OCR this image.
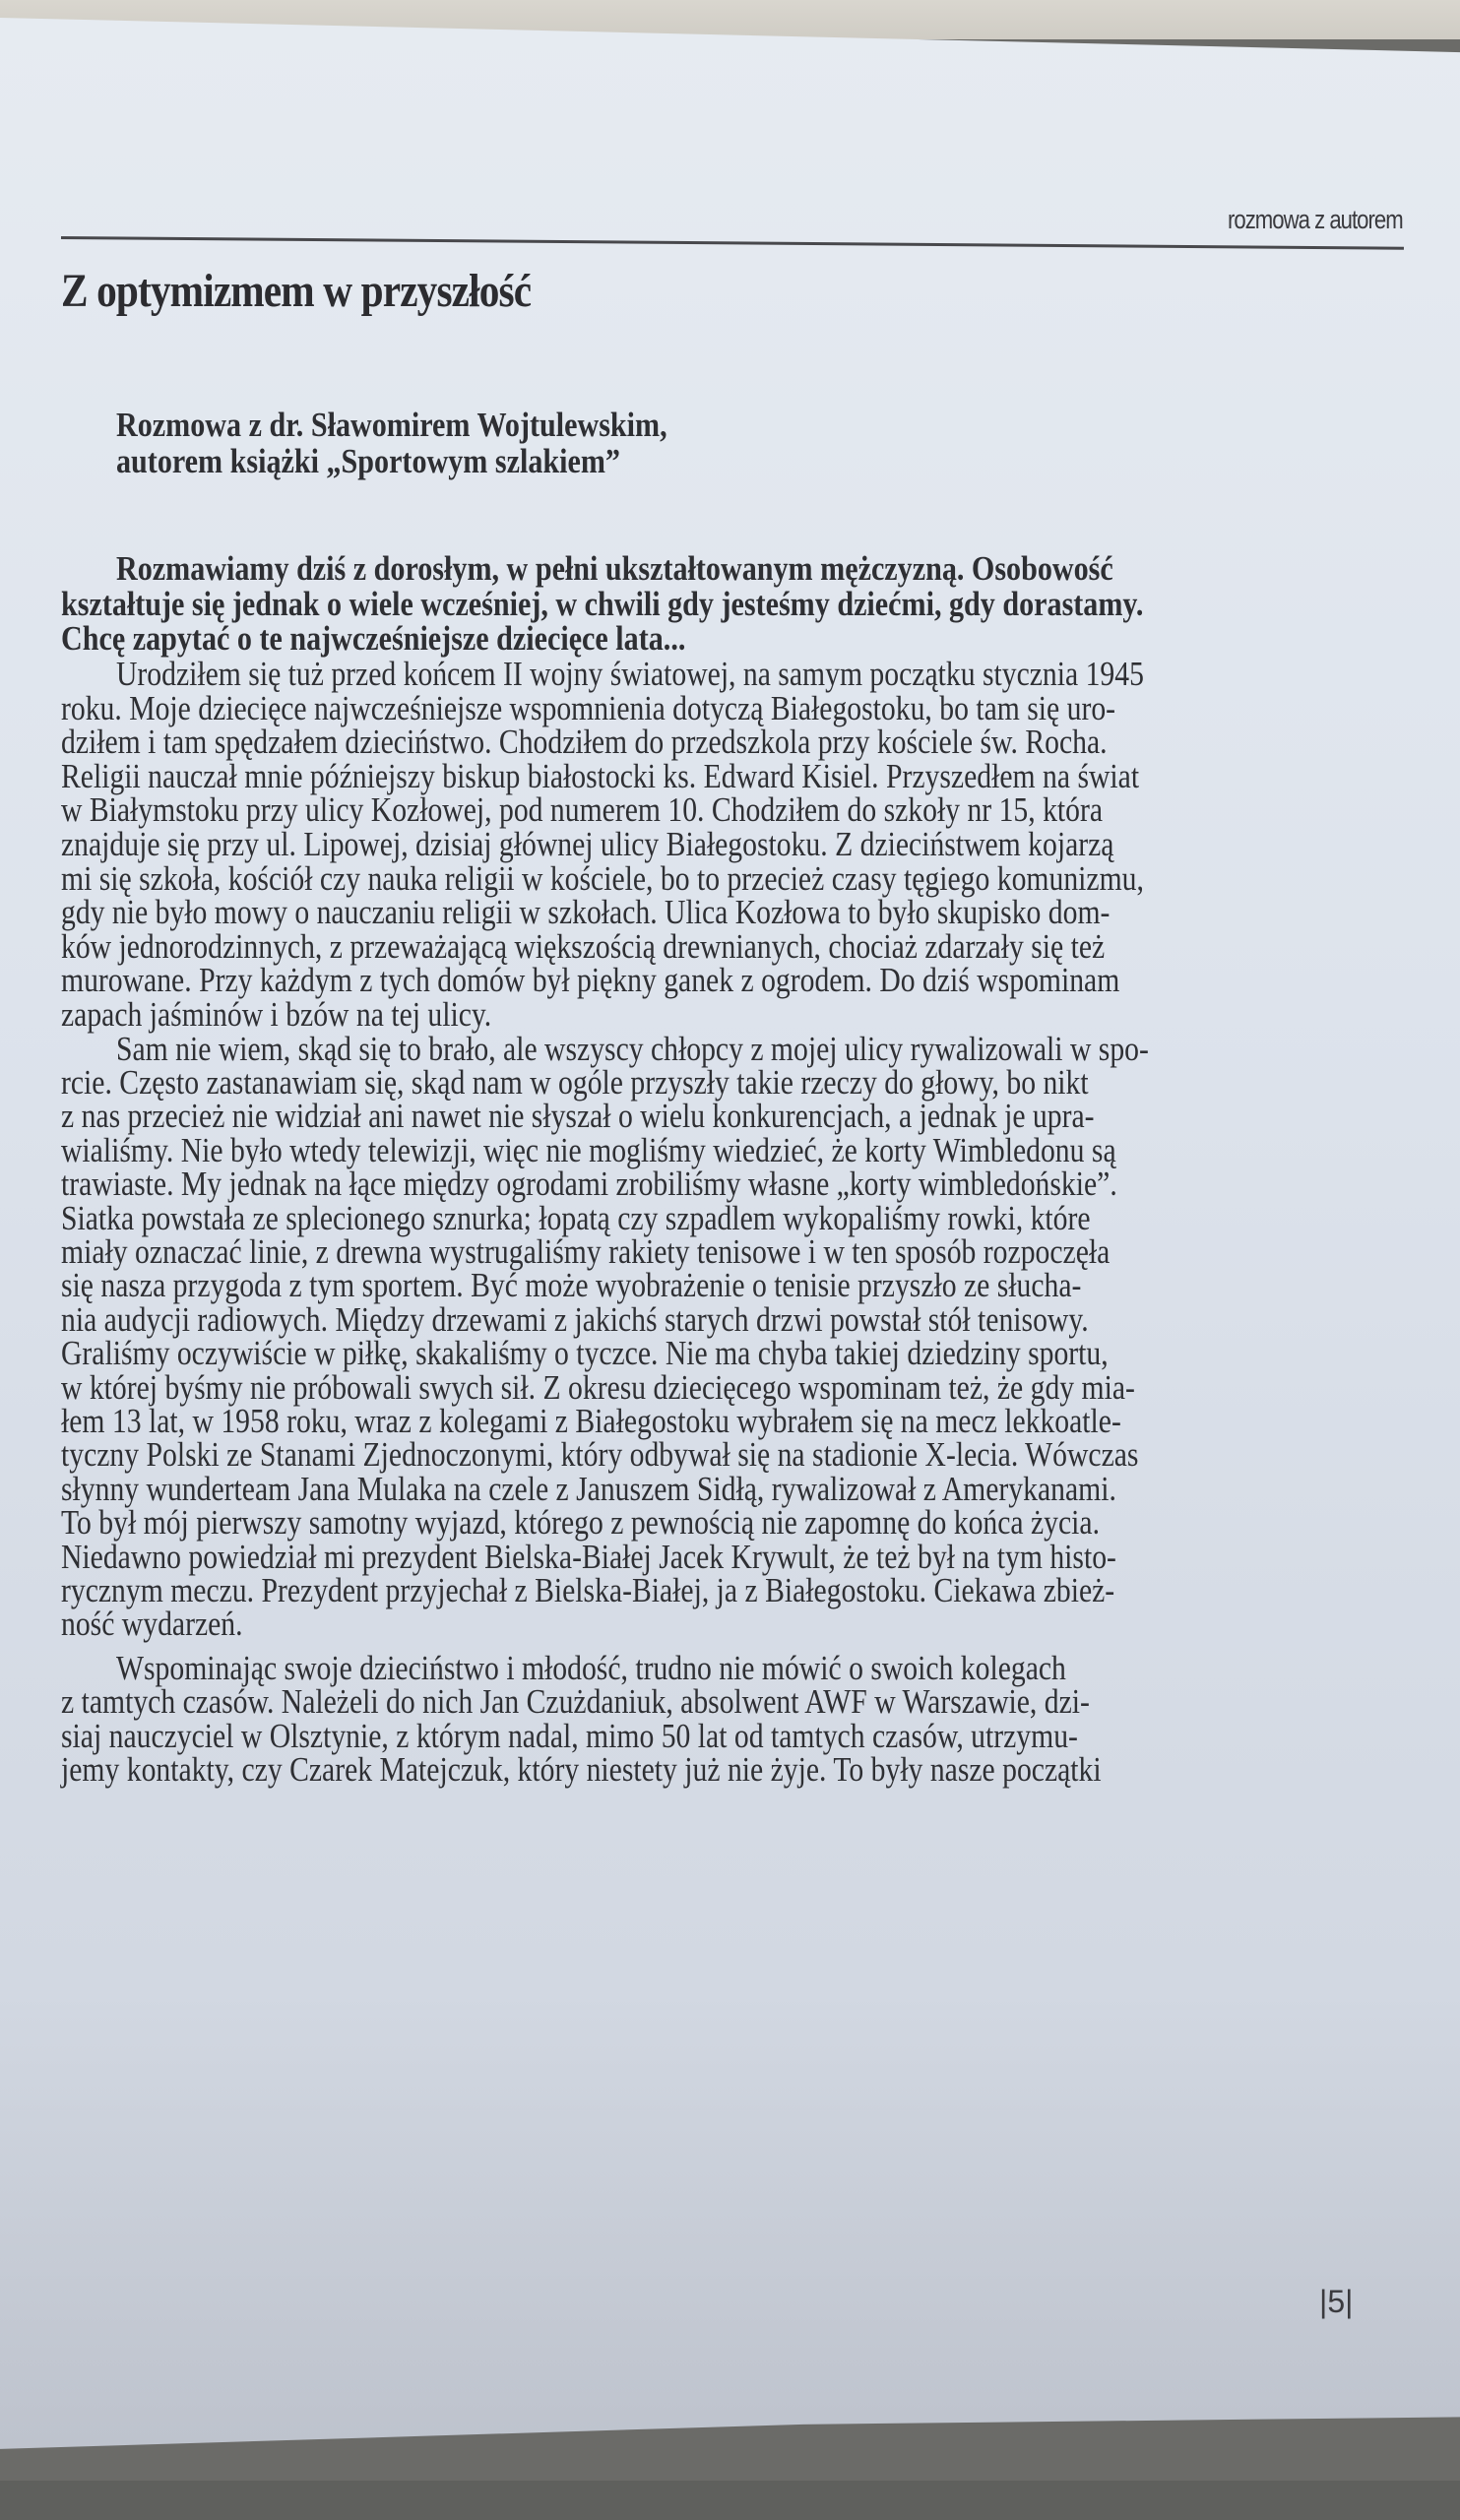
rozmowa z autorem
Z optymizmem w przyszłość
Rozmowa z dr. Sławomirem Wojtulewskim,
autorem książki „Sportowym szlakiem”
Rozmawiamy dziś z dorosłym, w pełni ukształtowanym mężczyzną. Osobowość
kształtuje się jednak o wiele wcześniej, w chwili gdy jesteśmy dziećmi, gdy dorastamy.
Chcę zapytać o te najwcześniejsze dziecięce lata...
Urodziłem się tuż przed końcem II wojny światowej, na samym początku stycznia 1945
roku. Moje dziecięce najwcześniejsze wspomnienia dotyczą Białegostoku, bo tam się uro-
dziłem i tam spędzałem dzieciństwo. Chodziłem do przedszkola przy kościele św. Rocha.
Religii nauczał mnie późniejszy biskup białostocki ks. Edward Kisiel. Przyszedłem na świat
w Białymstoku przy ulicy Kozłowej, pod numerem 10. Chodziłem do szkoły nr 15, która
znajduje się przy ul. Lipowej, dzisiaj głównej ulicy Białegostoku. Z dzieciństwem kojarzą
mi się szkoła, kościół czy nauka religii w kościele, bo to przecież czasy tęgiego komunizmu,
gdy nie było mowy o nauczaniu religii w szkołach. Ulica Kozłowa to było skupisko dom-
ków jednorodzinnych, z przeważającą większością drewnianych, chociaż zdarzały się też
murowane. Przy każdym z tych domów był piękny ganek z ogrodem. Do dziś wspominam
zapach jaśminów i bzów na tej ulicy.
Sam nie wiem, skąd się to brało, ale wszyscy chłopcy z mojej ulicy rywalizowali w spo-
rcie. Często zastanawiam się, skąd nam w ogóle przyszły takie rzeczy do głowy, bo nikt
z nas przecież nie widział ani nawet nie słyszał o wielu konkurencjach, a jednak je upra-
wialiśmy. Nie było wtedy telewizji, więc nie mogliśmy wiedzieć, że korty Wimbledonu są
trawiaste. My jednak na łące między ogrodami zrobiliśmy własne „korty wimbledońskie”.
Siatka powstała ze splecionego sznurka; łopatą czy szpadlem wykopaliśmy rowki, które
miały oznaczać linie, z drewna wystrugaliśmy rakiety tenisowe i w ten sposób rozpoczęła
się nasza przygoda z tym sportem. Być może wyobrażenie o tenisie przyszło ze słucha-
nia audycji radiowych. Między drzewami z jakichś starych drzwi powstał stół tenisowy.
Graliśmy oczywiście w piłkę, skakaliśmy o tyczce. Nie ma chyba takiej dziedziny sportu,
w której byśmy nie próbowali swych sił. Z okresu dziecięcego wspominam też, że gdy mia-
łem 13 lat, w 1958 roku, wraz z kolegami z Białegostoku wybrałem się na mecz lekkoatle-
tyczny Polski ze Stanami Zjednoczonymi, który odbywał się na stadionie X-lecia. Wówczas
słynny wunderteam Jana Mulaka na czele z Januszem Sidłą, rywalizował z Amerykanami.
To był mój pierwszy samotny wyjazd, którego z pewnością nie zapomnę do końca życia.
Niedawno powiedział mi prezydent Bielska-Białej Jacek Krywult, że też był na tym histo-
rycznym meczu. Prezydent przyjechał z Bielska-Białej, ja z Białegostoku. Ciekawa zbież-
ność wydarzeń.
Wspominając swoje dzieciństwo i młodość, trudno nie mówić o swoich kolegach
z tamtych czasów. Należeli do nich Jan Czużdaniuk, absolwent AWF w Warszawie, dzi-
siaj nauczyciel w Olsztynie, z którym nadal, mimo 50 lat od tamtych czasów, utrzymu-
jemy kontakty, czy Czarek Matejczuk, który niestety już nie żyje. To były nasze początki
|5|
